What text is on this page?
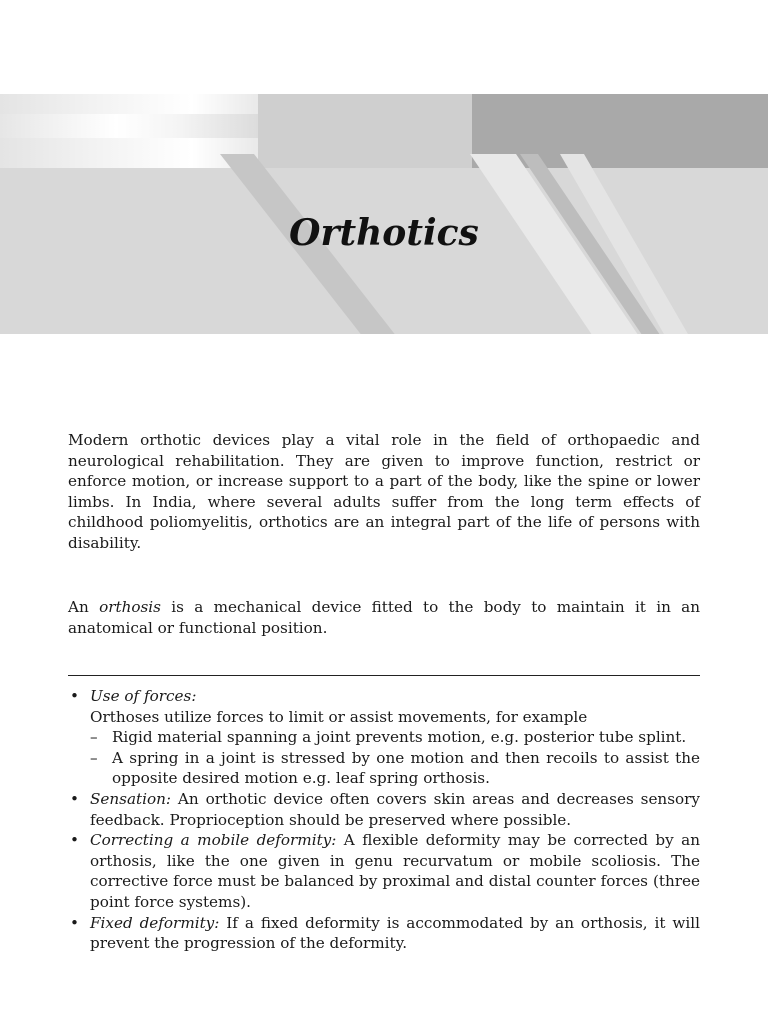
Orthotics

Modern orthotic devices play a vital role in the field of orthopaedic and neurological rehabilitation. They are given to improve function, restrict or enforce motion, or increase support to a part of the body, like the spine or lower limbs. In India, where several adults suffer from the long term effects of childhood poliomyelitis, orthotics are an integral part of the life of persons with disability.

An orthosis is a mechanical device fitted to the body to maintain it in an anatomical or functional position.

• Use of forces:
Orthoses utilize forces to limit or assist movements, for example
– Rigid material spanning a joint prevents motion, e.g. posterior tube splint.
– A spring in a joint is stressed by one motion and then recoils to assist the opposite desired motion e.g. leaf spring orthosis.
• Sensation: An orthotic device often covers skin areas and decreases sensory feedback. Proprioception should be preserved where possible.
• Correcting a mobile deformity: A flexible deformity may be corrected by an orthosis, like the one given in genu recurvatum or mobile scoliosis. The corrective force must be balanced by proximal and distal counter forces (three point force systems).
• Fixed deformity: If a fixed deformity is accommodated by an orthosis, it will prevent the progression of the deformity.
